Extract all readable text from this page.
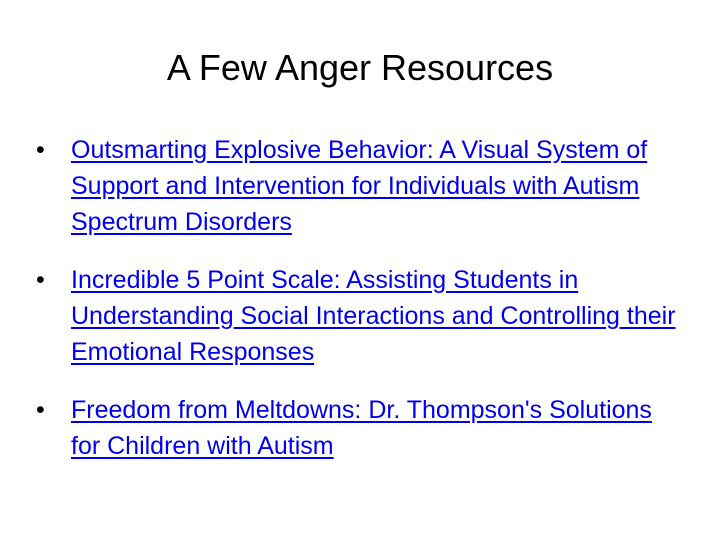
A Few Anger Resources
•	Outsmarting Explosive Behavior: A Visual System of Support and Intervention for Individuals with Autism Spectrum Disorders
•	Incredible 5 Point Scale: Assisting Students in Understanding Social Interactions and Controlling their Emotional Responses
•	Freedom from Meltdowns: Dr. Thompson's Solutions for Children with Autism
